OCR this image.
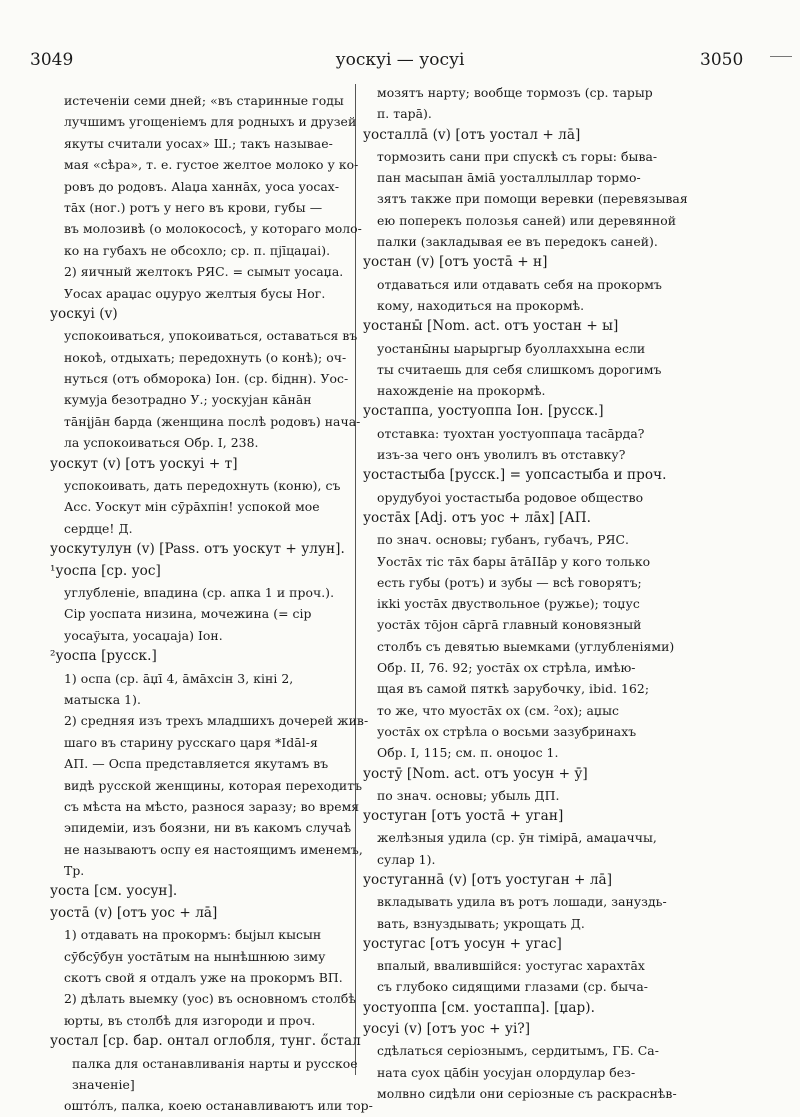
3049	уоскуі — уосуі	3050
истеченіи семи дней; «въ старинные годы
лучшимъ угощеніемъ для родныхъ и друзей
якуты считали уосах» Ш.; такъ называе-
мая «сѣра», т. е. густое желтое молоко у ко-
ровъ до родовъ. Аlаџа ханнāх, уоса уосах-
тāх (ног.) ротъ у него въ крови, губы —
въ молозивѣ (о молокососѣ, у котораго моло-
ко на губахъ не обсохло; ср. п. пјīцаџаі).
2) яичный желтокъ РЯС. = сымыт уосаџа.
Уосах араџас оџуруо желтыя бусы Ног.
уоскуі (v)
успокоиваться, упокоиваться, оставаться въ
нокоѣ, отдыхать; передохнуть (о конѣ); оч-
нуться (отъ обморока) Іон. (ср. біднн). Уос-
кумуја безотрадно У.; уоскујан кāнāн
тāнįјāн барда (женщина послѣ родовъ) нача-
ла успокоиваться Обр. І, 238.
уоскут (v) [отъ уоскуі + т]
успокоивать, дать передохнуть (коню), съ
Асс. Уоскут мін сӯрāхпін! успокой мое
сердце! Д.
уоскутулун (v) [Pass. отъ уоскут + улун].
¹уоспа [ср. уос]
углубленіе, впадина (ср. апка 1 и проч.).
Сір уоспата низина, мочежина (= сір
уосаўыта, уосаџаја) Іон.
²уоспа [русск.]
1) оспа (ср. āџī 4, āмāхсін 3, кіні 2,
матыска 1).
2) средняя изъ трехъ младшихъ дочерей жив-
шаго въ старину русскаго царя *Іdāl-я
АП. — Оспа представляется якутамъ въ
видѣ русской женщины, которая переходитъ
съ мѣста на мѣсто, разнося заразу; во время
эпидеміи, изъ боязни, ни въ какомъ случаѣ
не называютъ оспу ея настоящимъ именемъ,
Тр.
уоста [см. уосун].
уостā (v) [отъ уос + лā]
1) отдавать на прокормъ: быјыл кысын
сӯбсӯбун уостāтым на нынѣшнюю зиму
скотъ свой я отдалъ уже на прокормъ ВП.
2) дѣлать выемку (уос) въ основномъ столбѣ
юрты, въ столбѣ для изгороди и проч.
уостал [ср. бар. онтал оглобля, тунг. őстал
палка для останавливанія нарты и русское
значеніе]
оштóлъ, палка, коею останавливаютъ или тор-
мозятъ нарту; вообще тормозъ (ср. тарыр
п. тарā).
уосталлā (v) [отъ уостал + лā]
тормозить сани при спускѣ съ горы: быва-
пан масыпан āміā уосталлыллар тормо-
зятъ также при помощи веревки (перевязывая
ею поперекъ полозья саней) или деревянной
палки (закладывая ее въ передокъ саней).
уостан (v) [отъ уостā + н]
отдаваться или отдавать себя на прокормъ
кому, находиться на прокормѣ.
уостаны̄ [Nom. act. отъ уостан + ы]
уостаны̄ны ыарыргыр буоллаххына если
ты считаешь для себя слишкомъ дорогимъ
нахожденіе на прокормѣ.
уостаппа, уостуоппа Іон. [русск.]
отставка: туохтан уостуоппаџа тасāрда?
изъ-за чего онъ уволилъ въ отставку?
уостастыба [русск.] = уопсастыба и проч.
орудубуоі уостастыба родовое общество
уостāх [Adj. отъ уос + лāх] [АП.
по знач. основы; губанъ, губачъ, РЯС.
Уостāх тіс тāх бары āтāІІāр у кого только
есть губы (ротъ) и зубы — всѣ говорятъ;
ікkі уостāх двуствольное (ружье); тоџус
уостāх тōјон сāргā главный коновязный
столбъ съ девятью выемками (углубленіями)
Обр. II, 76. 92; уостāх ох стрѣла, имѣю-
щая въ самой пяткѣ зарубочку, ibid. 162;
то же, что муостāх ох (см. ²ох); аџыс
уостāх ох стрѣла о восьми зазубринахъ
Обр. І, 115; см. п. оноџос 1.
уостӯ [Nom. act. отъ уосун + ӯ]
по знач. основы; убыль ДП.
уостуган [отъ уостā + уган]
желѣзныя удила (ср. ӯн тімірā, амаџаччы,
сулар 1).
уостуганнā (v) [отъ уостуган + лā]
вкладывать удила въ ротъ лошади, зануздь-
вать, взнуздывать; укрощать Д.
уостугас [отъ уосун + угас]
впалый, ввалившійся: уостугас харахтāх
съ глубоко сидящими глазами (ср. быча-
уостуоппа [см. уостаппа]. [џар).
уосуі (v) [отъ уос + уі?]
сдѣлаться серіознымъ, сердитымъ, ГБ. Са-
ната суох цāбін уосујан олордулар без-
молвно сидѣли они серіозные съ раскраснѣв-
